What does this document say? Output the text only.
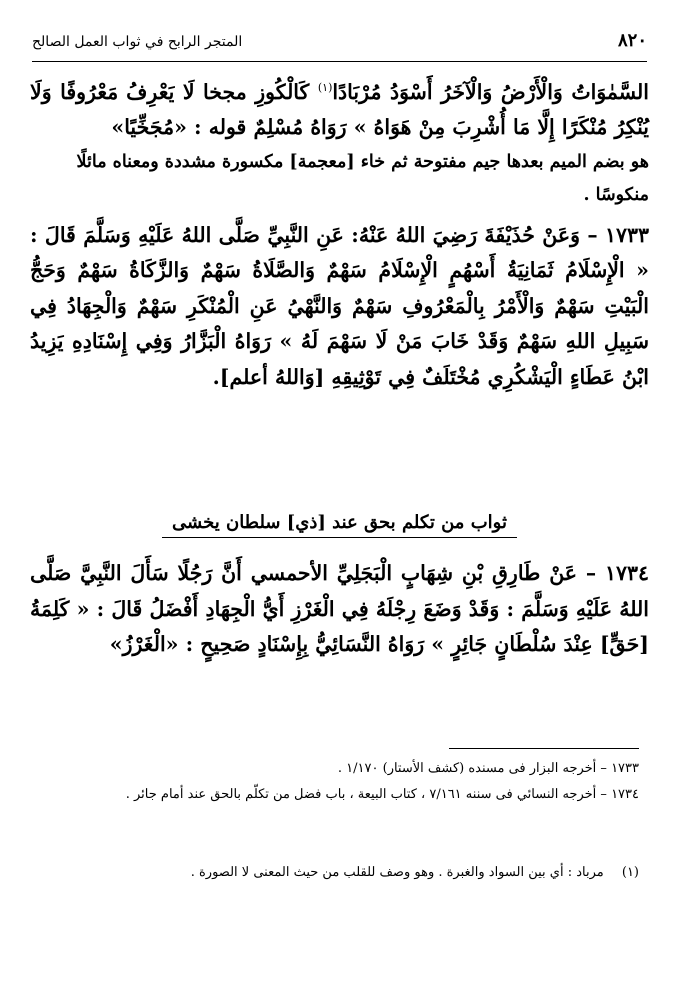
٨٢٠
المتجر الرابح في ثواب العمل الصالح

السَّمٰوَاتُ وَالْأَرْضُ وَالْآخَرُ أَسْوَدُ مُرْبَادًا$^{(١)}$ كَالْكُوزِ مجخا لَا يَعْرِفُ مَعْرُوفًا وَلَا يُنْكِرُ مُنْكَرًا إِلَّا مَا أُشْرِبَ مِنْ هَوَاهُ » رَوَاهُ مُسْلِمٌ قوله : «مُجَخِّيًا»

هو بضم الميم بعدها جيم مفتوحة ثم خاء [معجمة] مكسورة مشددة ومعناه مائلًا منكوسًا .

١٧٣٣ – وَعَنْ حُذَيْفَةَ رَضِيَ اللهُ عَنْهُ: عَنِ النَّبِيِّ صَلَّى اللهُ عَلَيْهِ وَسَلَّمَ قَالَ : « الْإِسْلَامُ ثَمَانِيَةُ أَسْهُمٍ الْإِسْلَامُ سَهْمٌ وَالصَّلَاةُ سَهْمٌ وَالزَّكَاةُ سَهْمٌ وَحَجُّ الْبَيْتِ سَهْمٌ وَالْأَمْرُ بِالْمَعْرُوفِ سَهْمٌ وَالنَّهْيُ عَنِ الْمُنْكَرِ سَهْمٌ وَالْجِهَادُ فِي سَبِيلِ اللهِ سَهْمٌ وَقَدْ خَابَ مَنْ لَا سَهْمَ لَهُ » رَوَاهُ الْبَزَّارُ وَفِي إِسْنَادِهِ يَزِيدُ ابْنُ عَطَاءٍ الْيَشْكُرِي مُخْتَلَفٌ فِي تَوْثِيقِهِ [وَاللهُ أعلم].

ثواب من تكلم بحق عند [ذي] سلطان يخشى

١٧٣٤ – عَنْ طَارِقِ بْنِ شِهَابٍ الْبَجَلِيِّ الأحمسي أَنَّ رَجُلًا سَأَلَ النَّبِيَّ صَلَّى اللهُ عَلَيْهِ وَسَلَّمَ : وَقَدْ وَضَعَ رِجْلَهُ فِي الْغَرْزِ أَيُّ الْجِهَادِ أَفْضَلُ قَالَ : « كَلِمَةُ [حَقٍّ] عِنْدَ سُلْطَانٍ جَائِرٍ » رَوَاهُ النَّسَائِيُّ بِإِسْنَادٍ صَحِيحٍ : «الْغَرْزُ»

١٧٣٣ – أخرجه البزار فى مسنده (كشف الأستار) ١/١٧٠ .

١٧٣٤ – أخرجه النسائي فى سننه ٧/١٦١ ، كتاب البيعة ، باب فضل من تكلّم بالحق عند أمام جائر .

(١) مرباد : أي بين السواد والغبرة . وهو وصف للقلب من حيث المعنى لا الصورة .
